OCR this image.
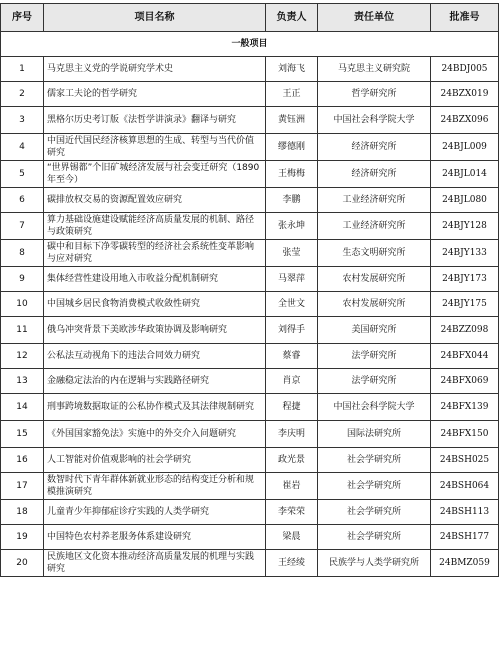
序号	项目名称	负责人	责任单位	批准号
一般项目				
1	马克思主义党的学说研究学术史	刘海飞	马克思主义研究院	24BDJ005
2	儒家工夫论的哲学研究	王正	哲学研究所	24BZX019
3	黑格尔历史考订版《法哲学讲演录》翻译与研究	黄钰洲	中国社会科学院大学	24BZX096
4	中国近代国民经济核算思想的生成、转型与当代价值研究	缪德刚	经济研究所	24BJL009
5	“世界锡都”个旧矿城经济发展与社会变迁研究（1890年至今）	王梅梅	经济研究所	24BJL014
6	碳排放权交易的资源配置效应研究	李鹏	工业经济研究所	24BJL080
7	算力基础设施建设赋能经济高质量发展的机制、路径与政策研究	张永坤	工业经济研究所	24BJY128
8	碳中和目标下净零碳转型的经济社会系统性变革影响与应对研究	张莹	生态文明研究所	24BJY133
9	集体经营性建设用地入市收益分配机制研究	马翠萍	农村发展研究所	24BJY173
10	中国城乡居民食物消费模式收敛性研究	全世文	农村发展研究所	24BJY175
11	俄乌冲突背景下美欧涉华政策协调及影响研究	刘得手	美国研究所	24BZZ098
12	公私法互动视角下的违法合同效力研究	蔡睿	法学研究所	24BFX044
13	金融稳定法治的内在逻辑与实践路径研究	肖京	法学研究所	24BFX069
14	刑事跨境数据取证的公私协作模式及其法律规制研究	程捷	中国社会科学院大学	24BFX139
15	《外国国家豁免法》实施中的外交介入问题研究	李庆明	国际法研究所	24BFX150
16	人工智能对价值观影响的社会学研究	政光景	社会学研究所	24BSH025
17	数智时代下青年群体新就业形态的结构变迁分析和规模推演研究	崔岩	社会学研究所	24BSH064
18	儿童青少年抑郁症诊疗实践的人类学研究	李荣荣	社会学研究所	24BSH113
19	中国特色农村养老服务体系建设研究	梁晨	社会学研究所	24BSH177
20	民族地区文化资本推动经济高质量发展的机理与实践研究	王经绫	民族学与人类学研究所	24BMZ059
